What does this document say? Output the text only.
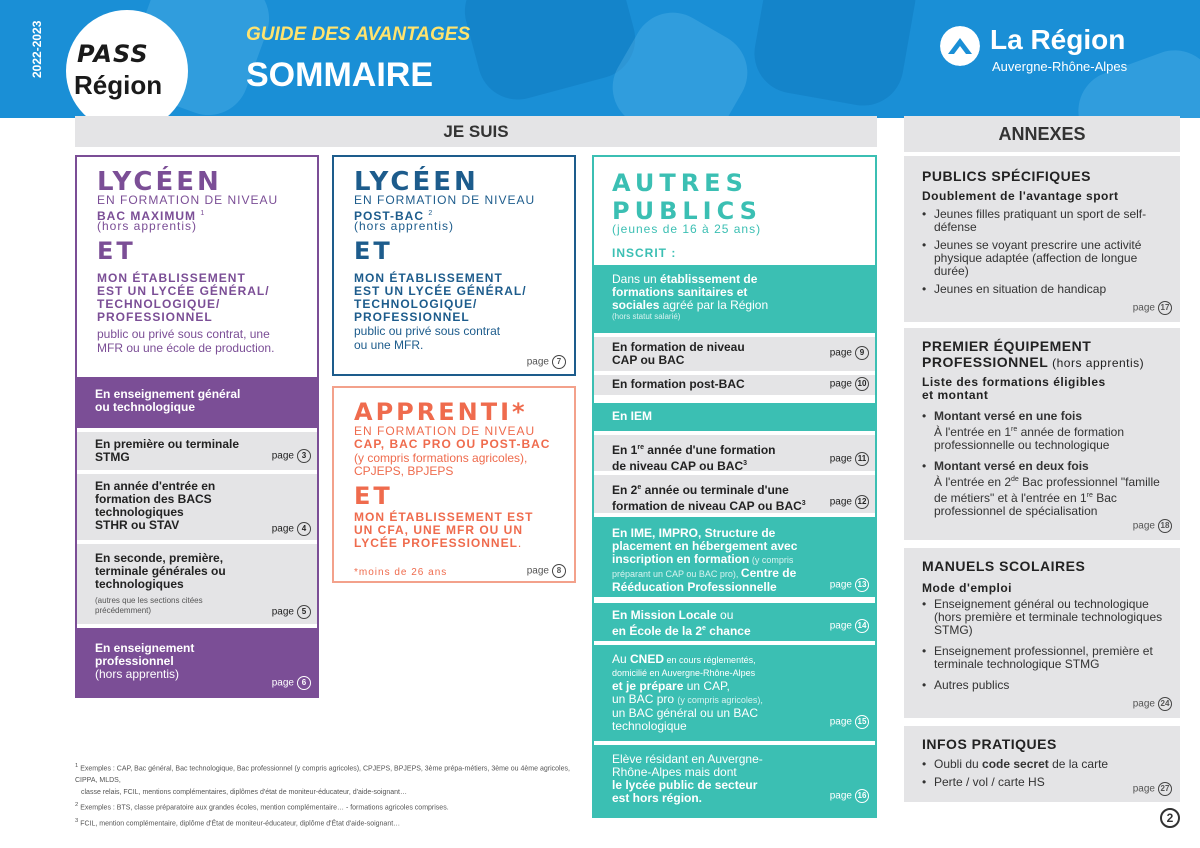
PASS
Région
2022-2023	GUIDE DES AVANTAGES
SOMMAIRE
La Région
Auvergne-Rhône-Alpes
JE SUIS	ANNEXES
LYCÉEN
EN FORMATION DE NIVEAU
BAC MAXIMUM $^1$
(hors apprentis)
ET
MON ÉTABLISSEMENT
EST UN LYCÉE GÉNÉRAL/
TECHNOLOGIQUE/
PROFESSIONNEL
public ou privé sous contrat, une
MFR ou une école de production.
En enseignement général
ou technologique
En première ou terminale
STMG	page 3
En année d'entrée en
formation des BACS
technologiques
STHR ou STAV	page 4
En seconde, première,
terminale générales ou
technologiques
(autres que les sections citées
précédemment)	page 5
En enseignement
professionnel
(hors apprentis)
page 6
LYCÉEN
EN FORMATION DE NIVEAU
POST-BAC $^2$
(hors apprentis)
ET
MON ÉTABLISSEMENT
EST UN LYCÉE GÉNÉRAL/
TECHNOLOGIQUE/
PROFESSIONNEL
public ou privé sous contrat
ou une MFR.
page 7
APPRENTI*
EN FORMATION DE NIVEAU
CAP, BAC PRO OU POST-BAC
(y compris formations agricoles),
CPJEPS, BPJEPS
ET
MON ÉTABLISSEMENT EST
UN CFA, UNE MFR OU UN
LYCÉE PROFESSIONNEL.
*moins de 26 ans	page 8
AUTRES
PUBLICS
(jeunes de 16 à 25 ans)
INSCRIT :
Dans un établissement de
formations sanitaires et
sociales agréé par la Région
(hors statut salarié)
En formation de niveau
CAP ou BAC	page 9
En formation post-BAC	page 10
En IEM
En 1re année d'une formation
de niveau CAP ou BAC$^3$	page 11
En 2e année ou terminale d'une
formation de niveau CAP ou BAC$^3$	page 12
En IME, IMPRO, Structure de
placement en hébergement avec
inscription en formation (y compris
préparant un CAP ou BAC pro), Centre de
Rééducation Professionnelle	page 13
En Mission Locale ou
en École de la 2e chance	page 14
Au CNED en cours réglementés,
domicilié en Auvergne-Rhône-Alpes
et je prépare un CAP,
un BAC pro (y compris agricoles),
un BAC général ou un BAC
technologique	page 15
Elève résidant en Auvergne-
Rhône-Alpes mais dont
le lycée public de secteur
est hors région.	page 16
PUBLICS SPÉCIFIQUES
Doublement de l'avantage sport
• Jeunes filles pratiquant un sport de self-défense
• Jeunes se voyant prescrire une activité physique adaptée (affection de longue durée)
• Jeunes en situation de handicap
page 17
PREMIER ÉQUIPEMENT
PROFESSIONNEL (hors apprentis)
Liste des formations éligibles
et montant
• Montant versé en une fois
À l'entrée en 1re année de formation professionnelle ou technologique
• Montant versé en deux fois
À l'entrée en 2de Bac professionnel "famille de métiers" et à l'entrée en 1re Bac professionnel de spécialisation
page 18
MANUELS SCOLAIRES
Mode d'emploi
• Enseignement général ou technologique (hors première et terminale technologiques STMG)
• Enseignement professionnel, première et terminale technologique STMG
• Autres publics
page 24
INFOS PRATIQUES
• Oubli du code secret de la carte
• Perte / vol / carte HS
page 27
$^1$ Exemples : CAP, Bac général, Bac technologique, Bac professionnel (y compris agricoles), CPJEPS, BPJEPS, 3ème prépa-métiers, 3ème ou 4ème agricoles, CIPPA, MLDS,
classe relais, FCIL, mentions complémentaires, diplômes d'état de moniteur-éducateur, d'aide-soignant…
$^2$ Exemples : BTS, classe préparatoire aux grandes écoles, mention complémentaire… - formations agricoles comprises.
$^3$ FCIL, mention complémentaire, diplôme d'État de moniteur-éducateur, diplôme d'État d'aide-soignant…	2
